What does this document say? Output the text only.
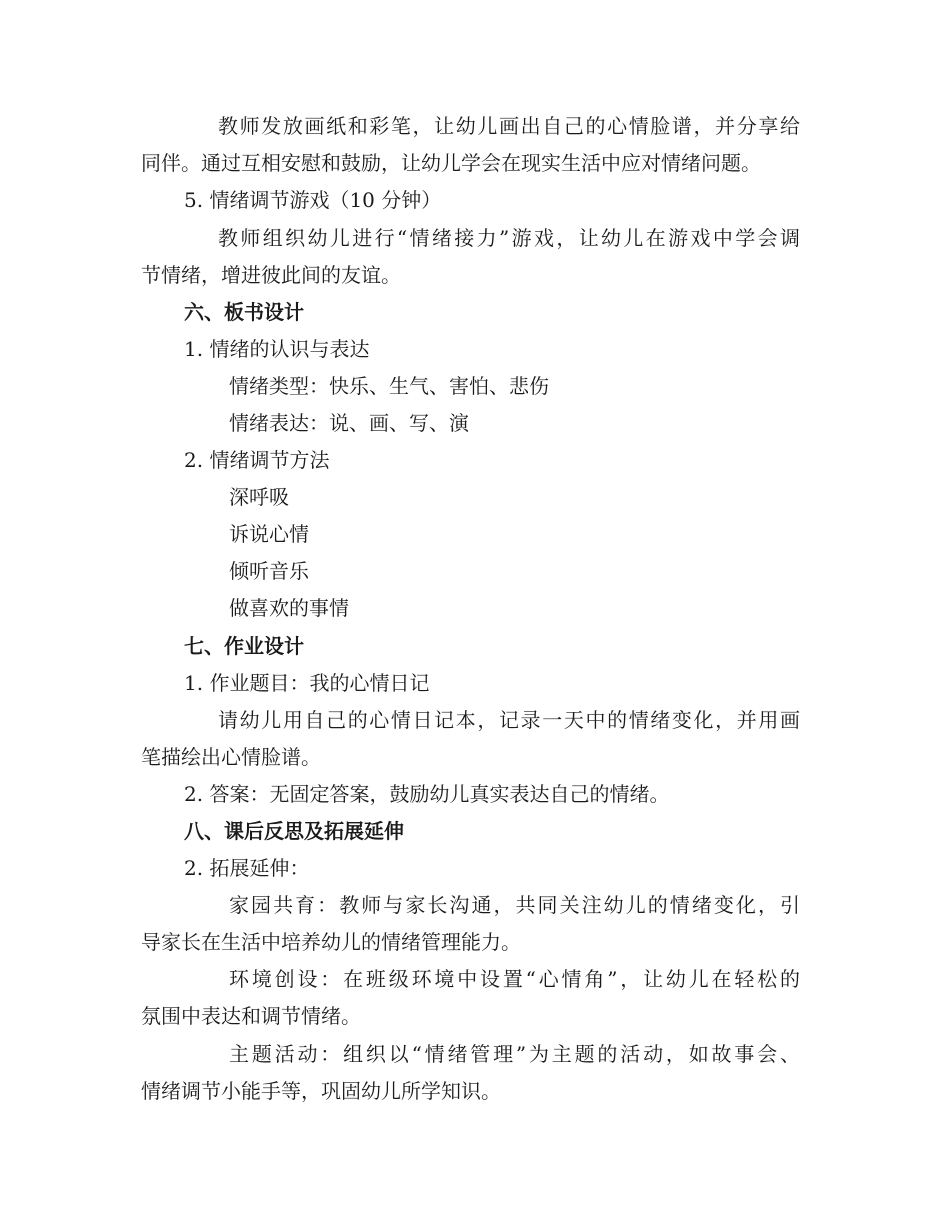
教师发放画纸和彩笔，让幼儿画出自己的心情脸谱，并分享给
同伴。通过互相安慰和鼓励，让幼儿学会在现实生活中应对情绪问题。
5. 情绪调节游戏（10 分钟）
教师组织幼儿进行“情绪接力”游戏，让幼儿在游戏中学会调
节情绪，增进彼此间的友谊。
六、板书设计
1. 情绪的认识与表达
情绪类型：快乐、生气、害怕、悲伤
情绪表达：说、画、写、演
2. 情绪调节方法
深呼吸
诉说心情
倾听音乐
做喜欢的事情
七、作业设计
1. 作业题目：我的心情日记
请幼儿用自己的心情日记本，记录一天中的情绪变化，并用画
笔描绘出心情脸谱。
2. 答案：无固定答案，鼓励幼儿真实表达自己的情绪。
八、课后反思及拓展延伸
2. 拓展延伸：
家园共育：教师与家长沟通，共同关注幼儿的情绪变化，引
导家长在生活中培养幼儿的情绪管理能力。
环境创设：在班级环境中设置“心情角”，让幼儿在轻松的
氛围中表达和调节情绪。
主题活动：组织以“情绪管理”为主题的活动，如故事会、
情绪调节小能手等，巩固幼儿所学知识。
